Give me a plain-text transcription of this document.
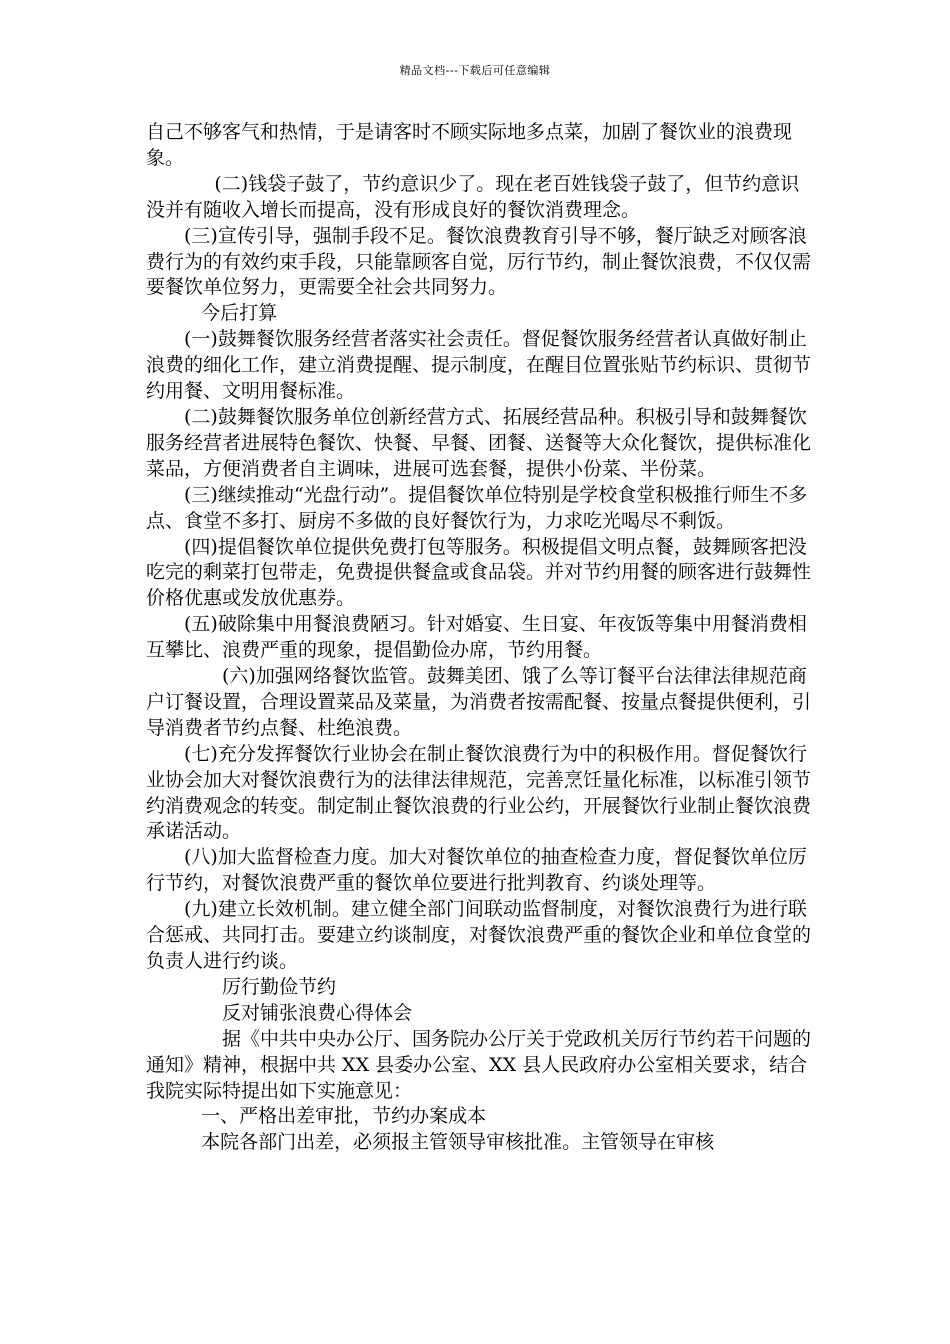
精品文档---下载后可任意编辑

自己不够客气和热情，于是请客时不顾实际地多点菜，加剧了餐饮业的浪费现象。

(二)钱袋子鼓了，节约意识少了。现在老百姓钱袋子鼓了，但节约意识没并有随收入增长而提高，没有形成良好的餐饮消费理念。

(三)宣传引导，强制手段不足。餐饮浪费教育引导不够，餐厅缺乏对顾客浪费行为的有效约束手段，只能靠顾客自觉，厉行节约，制止餐饮浪费，不仅仅需要餐饮单位努力，更需要全社会共同努力。

今后打算

(一)鼓舞餐饮服务经营者落实社会责任。督促餐饮服务经营者认真做好制止浪费的细化工作，建立消费提醒、提示制度，在醒目位置张贴节约标识、贯彻节约用餐、文明用餐标准。

(二)鼓舞餐饮服务单位创新经营方式、拓展经营品种。积极引导和鼓舞餐饮服务经营者进展特色餐饮、快餐、早餐、团餐、送餐等大众化餐饮，提供标准化菜品，方便消费者自主调味，进展可选套餐，提供小份菜、半份菜。

(三)继续推动“光盘行动”。提倡餐饮单位特别是学校食堂积极推行师生不多点、食堂不多打、厨房不多做的良好餐饮行为，力求吃光喝尽不剩饭。

(四)提倡餐饮单位提供免费打包等服务。积极提倡文明点餐，鼓舞顾客把没吃完的剩菜打包带走，免费提供餐盒或食品袋。并对节约用餐的顾客进行鼓舞性价格优惠或发放优惠券。

(五)破除集中用餐浪费陋习。针对婚宴、生日宴、年夜饭等集中用餐消费相互攀比、浪费严重的现象，提倡勤俭办席，节约用餐。

(六)加强网络餐饮监管。鼓舞美团、饿了么等订餐平台法律法律规范商户订餐设置，合理设置菜品及菜量，为消费者按需配餐、按量点餐提供便利，引导消费者节约点餐、杜绝浪费。

(七)充分发挥餐饮行业协会在制止餐饮浪费行为中的积极作用。督促餐饮行业协会加大对餐饮浪费行为的法律法律规范，完善烹饪量化标准，以标准引领节约消费观念的转变。制定制止餐饮浪费的行业公约，开展餐饮行业制止餐饮浪费承诺活动。

(八)加大监督检查力度。加大对餐饮单位的抽查检查力度，督促餐饮单位厉行节约，对餐饮浪费严重的餐饮单位要进行批判教育、约谈处理等。

(九)建立长效机制。建立健全部门间联动监督制度，对餐饮浪费行为进行联合惩戒、共同打击。要建立约谈制度，对餐饮浪费严重的餐饮企业和单位食堂的负责人进行约谈。

厉行勤俭节约

反对铺张浪费心得体会

据《中共中央办公厅、国务院办公厅关于党政机关厉行节约若干问题的通知》精神，根据中共 XX 县委办公室、XX 县人民政府办公室相关要求，结合我院实际特提出如下实施意见：

一、严格出差审批，节约办案成本

本院各部门出差，必须报主管领导审核批准。主管领导在审核
